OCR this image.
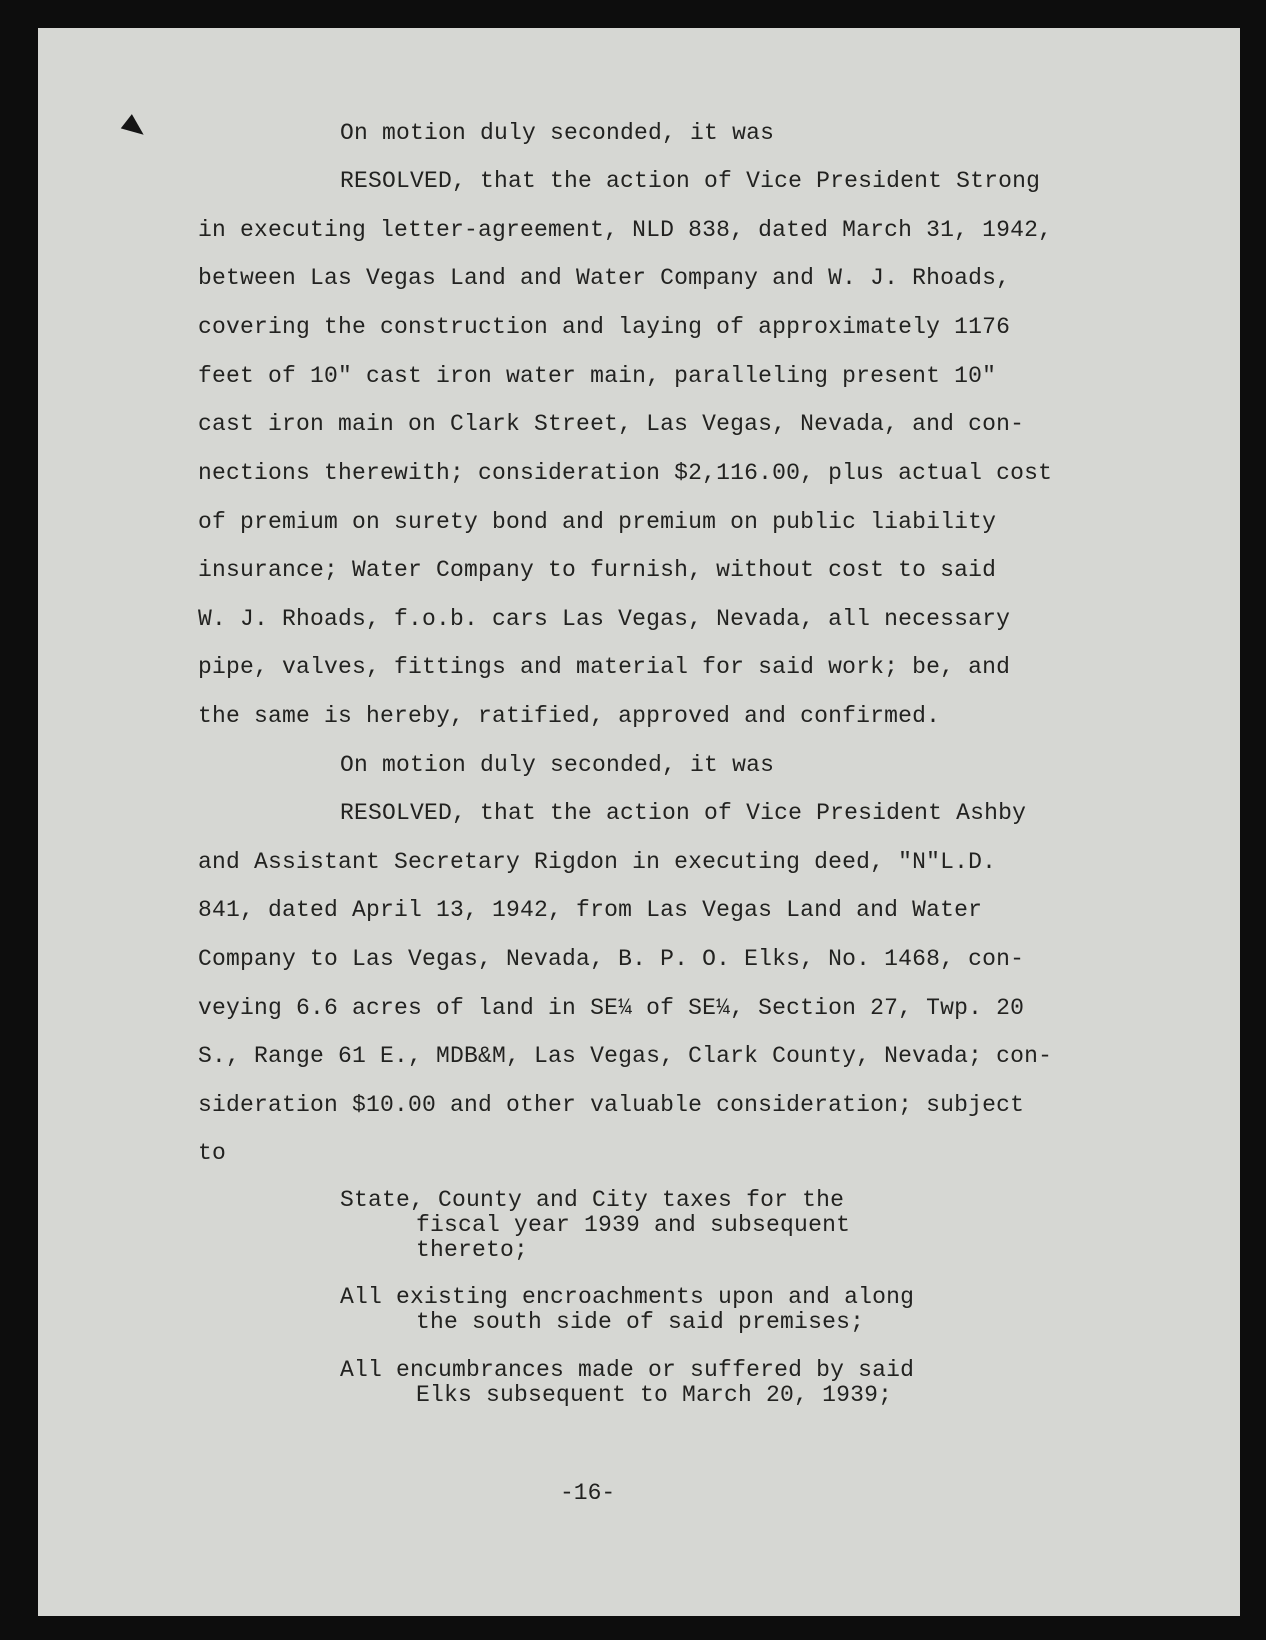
On motion duly seconded, it was

RESOLVED, that the action of Vice President Strong

in executing letter-agreement, NLD 838, dated March 31, 1942,

between Las Vegas Land and Water Company and W. J. Rhoads,

covering the construction and laying of approximately 1176

feet of 10" cast iron water main, paralleling present 10"

cast iron main on Clark Street, Las Vegas, Nevada, and con-

nections therewith; consideration $2,116.00, plus actual cost

of premium on surety bond and premium on public liability

insurance; Water Company to furnish, without cost to said

W. J. Rhoads, f.o.b. cars Las Vegas, Nevada, all necessary

pipe, valves, fittings and material for said work; be, and

the same is hereby, ratified, approved and confirmed.

On motion duly seconded, it was

RESOLVED, that the action of Vice President Ashby

and Assistant Secretary Rigdon in executing deed, "N"L.D.

841, dated April 13, 1942, from Las Vegas Land and Water

Company to Las Vegas, Nevada, B. P. O. Elks, No. 1468, con-

veying 6.6 acres of land in SE¼ of SE¼, Section 27, Twp. 20

S., Range 61 E., MDB&M, Las Vegas, Clark County, Nevada; con-

sideration $10.00 and other valuable consideration; subject

to

State, County and City taxes for the

fiscal year 1939 and subsequent

thereto;

All existing encroachments upon and along

the south side of said premises;

All encumbrances made or suffered by said

Elks subsequent to March 20, 1939;

-16-
